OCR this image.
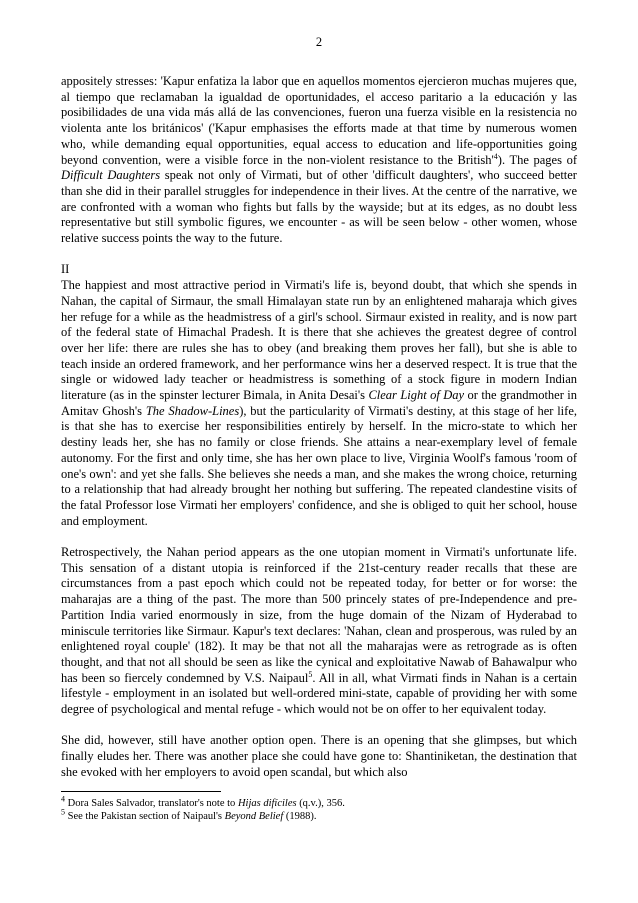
2

appositely stresses: 'Kapur enfatiza la labor que en aquellos momentos ejercieron muchas mujeres que, al tiempo que reclamaban la igualdad de oportunidades, el acceso paritario a la educación y las posibilidades de una vida más allá de las convenciones, fueron una fuerza visible en la resistencia no violenta ante los británicos' ('Kapur emphasises the efforts made at that time by numerous women who, while demanding equal opportunities, equal access to education and life-opportunities going beyond convention, were a visible force in the non-violent resistance to the $British'^4$). The pages of Difficult Daughters speak not only of Virmati, but of other 'difficult daughters', who succeed better than she did in their parallel struggles for independence in their lives. At the centre of the narrative, we are confronted with a woman who fights but falls by the wayside; but at its edges, as no doubt less representative but still symbolic figures, we encounter - as will be seen below - other women, whose relative success points the way to the future.

II

The happiest and most attractive period in Virmati's life is, beyond doubt, that which she spends in Nahan, the capital of Sirmaur, the small Himalayan state run by an enlightened maharaja which gives her refuge for a while as the headmistress of a girl's school. Sirmaur existed in reality, and is now part of the federal state of Himachal Pradesh. It is there that she achieves the greatest degree of control over her life: there are rules she has to obey (and breaking them proves her fall), but she is able to teach inside an ordered framework, and her performance wins her a deserved respect. It is true that the single or widowed lady teacher or headmistress is something of a stock figure in modern Indian literature (as in the spinster lecturer Bimala, in Anita Desai's Clear Light of Day or the grandmother in Amitav Ghosh's The Shadow-Lines), but the particularity of Virmati's destiny, at this stage of her life, is that she has to exercise her responsibilities entirely by herself. In the micro-state to which her destiny leads her, she has no family or close friends. She attains a near-exemplary level of female autonomy. For the first and only time, she has her own place to live, Virginia Woolf's famous 'room of one's own': and yet she falls. She believes she needs a man, and she makes the wrong choice, returning to a relationship that had already brought her nothing but suffering. The repeated clandestine visits of the fatal Professor lose Virmati her employers' confidence, and she is obliged to quit her school, house and employment.

Retrospectively, the Nahan period appears as the one utopian moment in Virmati's unfortunate life. This sensation of a distant utopia is reinforced if the 21st-century reader recalls that these are circumstances from a past epoch which could not be repeated today, for better or for worse: the maharajas are a thing of the past. The more than 500 princely states of pre-Independence and pre-Partition India varied enormously in size, from the huge domain of the Nizam of Hyderabad to miniscule territories like Sirmaur. Kapur's text declares: 'Nahan, clean and prosperous, was ruled by an enlightened royal couple' (182). It may be that not all the maharajas were as retrograde as is often thought, and that not all should be seen as like the cynical and exploitative Nawab of Bahawalpur who has been so fiercely condemned by V.S. Naipaul$^5$. All in all, what Virmati finds in Nahan is a certain lifestyle - employment in an isolated but well-ordered mini-state, capable of providing her with some degree of psychological and mental refuge - which would not be on offer to her equivalent today.

She did, however, still have another option open. There is an opening that she glimpses, but which finally eludes her. There was another place she could have gone to: Shantiniketan, the destination that she evoked with her employers to avoid open scandal, but which also

$^4$ Dora Sales Salvador, translator's note to Hijas difíciles (q.v.), 356.

$^5$ See the Pakistan section of Naipaul's Beyond Belief (1988).
